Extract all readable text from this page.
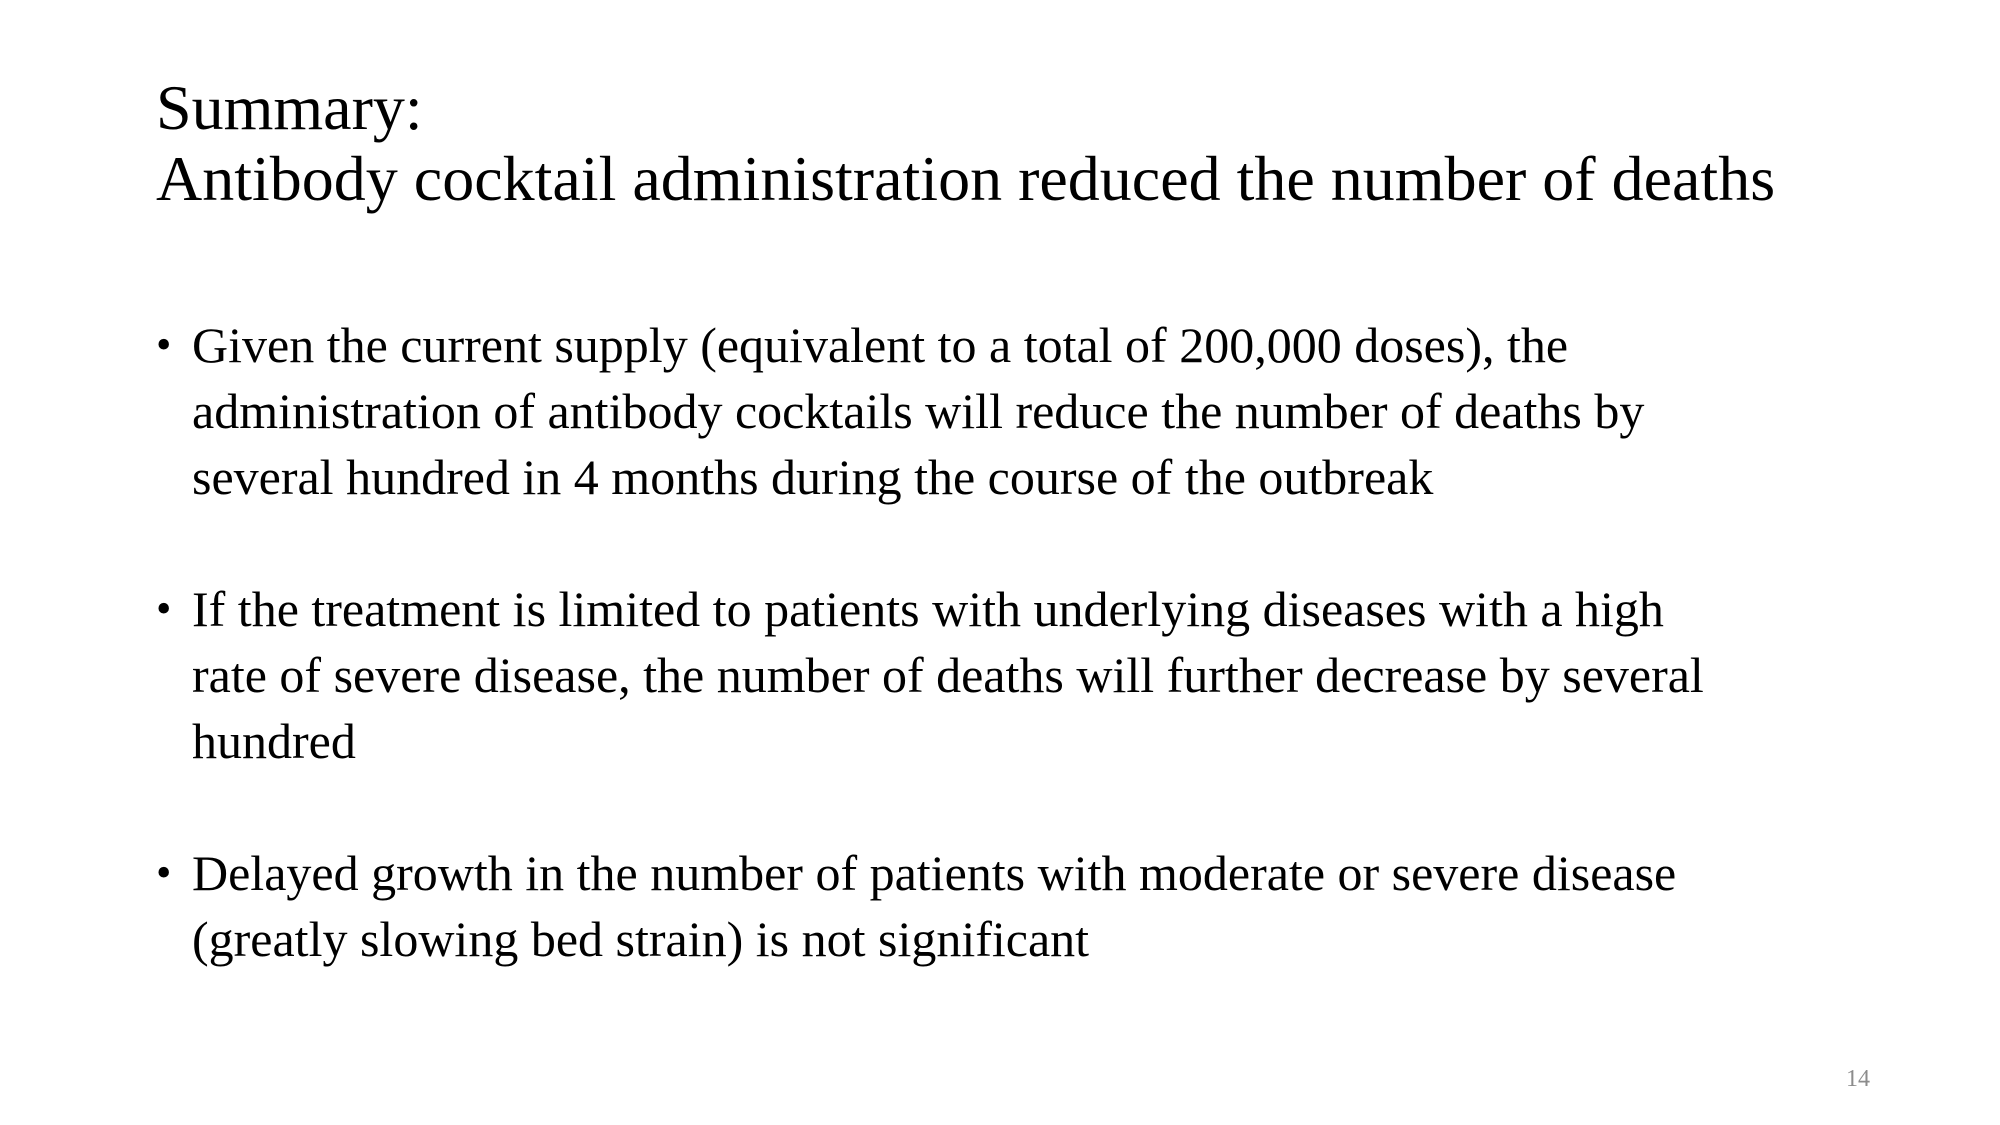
Summary:
Antibody cocktail administration reduced the number of deaths
• Given the current supply (equivalent to a total of 200,000 doses), the
administration of antibody cocktails will reduce the number of deaths by
several hundred in 4 months during the course of the outbreak
• If the treatment is limited to patients with underlying diseases with a high
rate of severe disease, the number of deaths will further decrease by several
hundred
• Delayed growth in the number of patients with moderate or severe disease
(greatly slowing bed strain) is not significant
14
